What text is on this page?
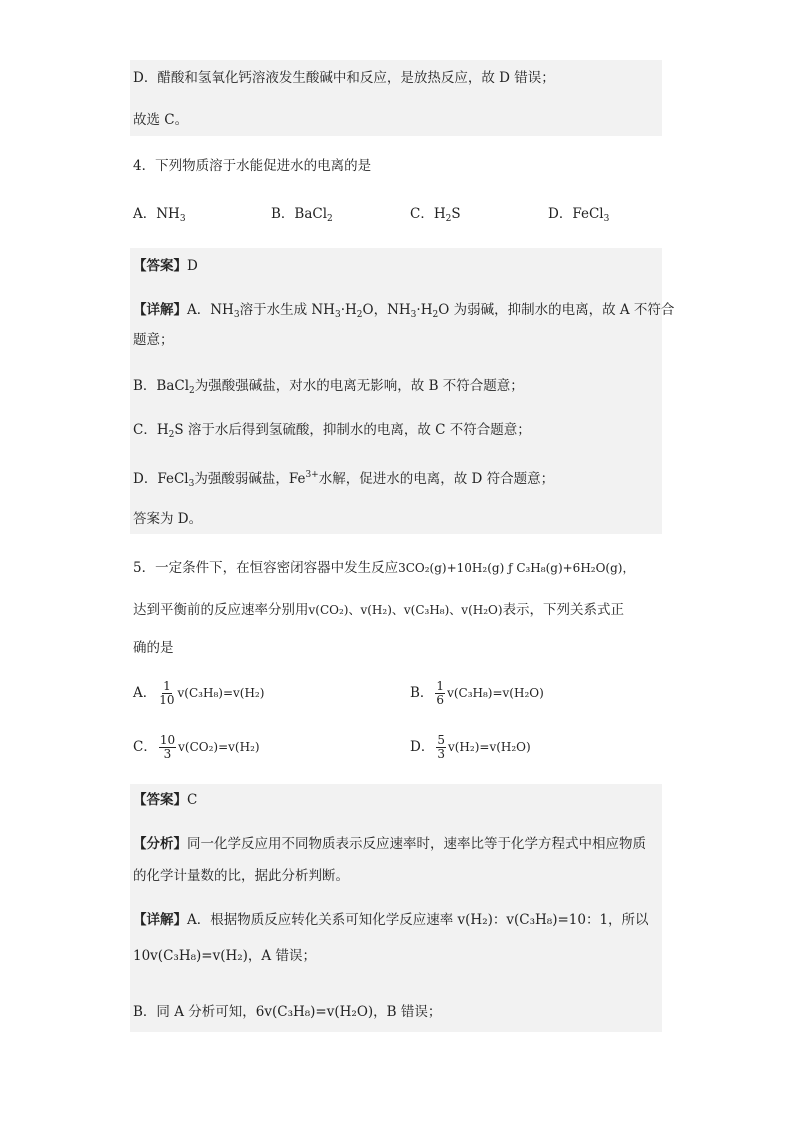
D．醋酸和氢氧化钙溶液发生酸碱中和反应，是放热反应，故 D 错误；
故选 C。
4．下列物质溶于水能促进水的电离的是
A．$NH_3$	B．BaCl$_2$	C．$H_2S$	D．FeCl$_3$
【答案】D
【详解】A．$NH_3$溶于水生成 $NH_3\cdot H_2O$，$NH_3\cdot H_2O$ 为弱碱，抑制水的电离，故 A 不符合
题意；
B．BaCl$_2$为强酸强碱盐，对水的电离无影响，故 B 不符合题意；
C．$H_2S$ 溶于水后得到氢硫酸，抑制水的电离，故 C 不符合题意；
D．FeCl$_3$为强酸弱碱盐，$Fe^{3+}$水解，促进水的电离，故 D 符合题意；
答案为 D。
5．一定条件下，在恒容密闭容器中发生反应3CO₂(g)+10H₂(g) ƒ C₃H₈(g)+6H₂O(g)，
达到平衡前的反应速率分别用v(CO₂)、v(H₂)、v(C₃H₈)、v(H₂O)表示，下列关系式正
确的是
A． $\frac{1}{10} v(C_3H_8)=v(H_2)$	B． $\frac{1}{6} v(C_3H_8)=v(H_2O)$
C． $\frac{10}{3} v(CO_2)=v(H_2)$	D． $\frac{5}{3} v(H_2)=v(H_2O)$
【答案】C
【分析】同一化学反应用不同物质表示反应速率时，速率比等于化学方程式中相应物质
的化学计量数的比，据此分析判断。
【详解】A．根据物质反应转化关系可知化学反应速率 v(H₂)：v(C₃H₈)=10：1，所以
10v(C₃H₈)=v(H₂)，A 错误；
B．同 A 分析可知，6v(C₃H₈)=v(H₂O)，B 错误；
